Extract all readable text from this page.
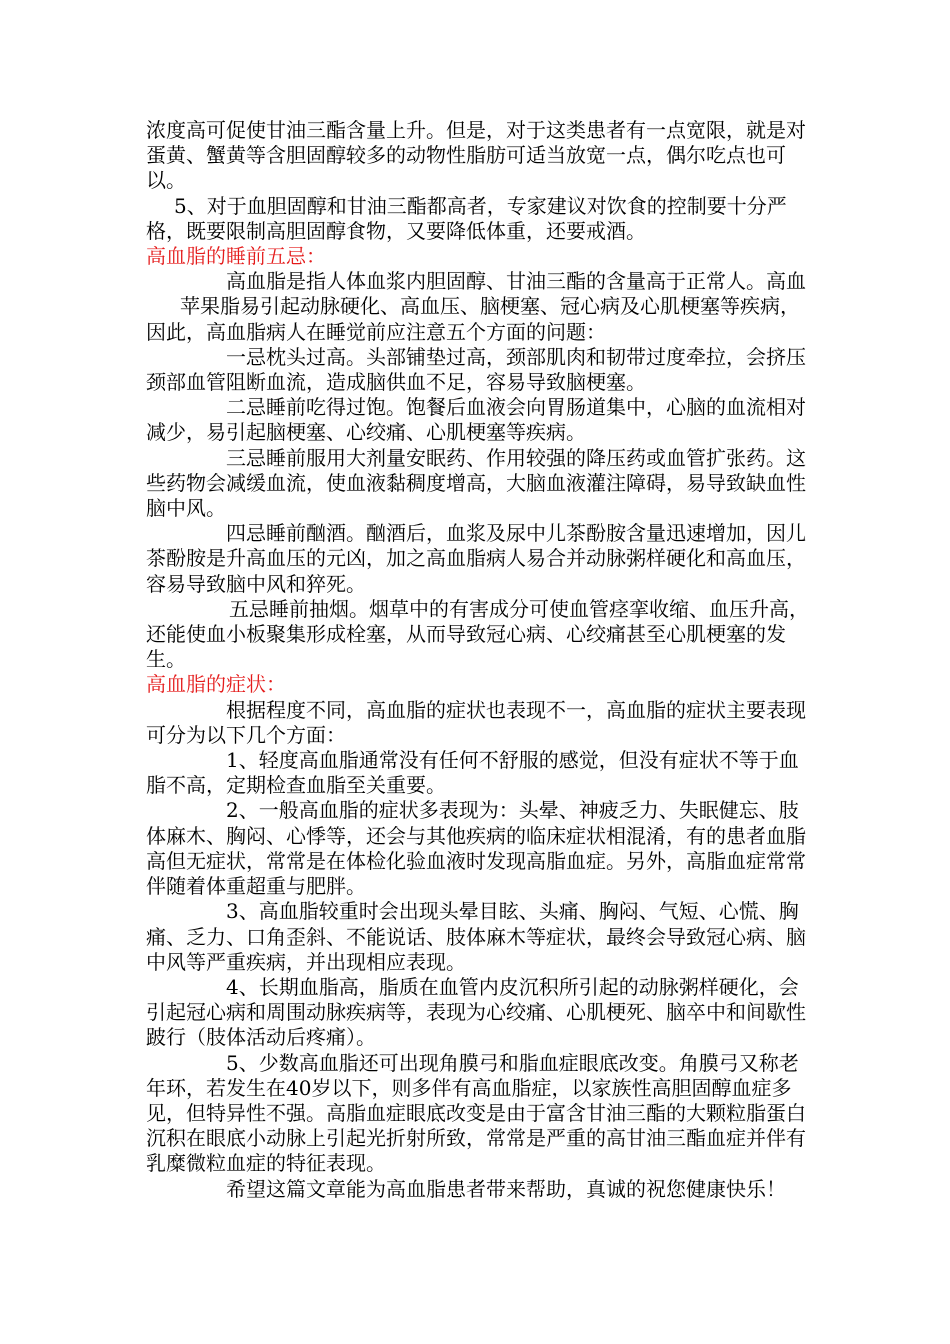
浓度高可促使甘油三酯含量上升。但是，对于这类患者有一点宽限，就是对蛋黄、蟹黄等含胆固醇较多的动物性脂肪可适当放宽一点，偶尔吃点也可以。

5、对于血胆固醇和甘油三酯都高者，专家建议对饮食的控制要十分严格，既要限制高胆固醇食物，又要降低体重，还要戒酒。

高血脂的睡前五忌：

高血脂是指人体血浆内胆固醇、甘油三酯的含量高于正常人。高血苹果脂易引起动脉硬化、高血压、脑梗塞、冠心病及心肌梗塞等疾病，因此，高血脂病人在睡觉前应注意五个方面的问题：

一忌枕头过高。头部铺垫过高，颈部肌肉和韧带过度牵拉，会挤压颈部血管阻断血流，造成脑供血不足，容易导致脑梗塞。

二忌睡前吃得过饱。饱餐后血液会向胃肠道集中，心脑的血流相对减少，易引起脑梗塞、心绞痛、心肌梗塞等疾病。

三忌睡前服用大剂量安眠药、作用较强的降压药或血管扩张药。这些药物会减缓血流，使血液黏稠度增高，大脑血液灌注障碍，易导致缺血性脑中风。

四忌睡前酗酒。酗酒后，血浆及尿中儿茶酚胺含量迅速增加，因儿茶酚胺是升高血压的元凶，加之高血脂病人易合并动脉粥样硬化和高血压，容易导致脑中风和猝死。

五忌睡前抽烟。烟草中的有害成分可使血管痉挛收缩、血压升高，还能使血小板聚集形成栓塞，从而导致冠心病、心绞痛甚至心肌梗塞的发生。

高血脂的症状：

根据程度不同，高血脂的症状也表现不一，高血脂的症状主要表现可分为以下几个方面：

1、轻度高血脂通常没有任何不舒服的感觉，但没有症状不等于血脂不高，定期检查血脂至关重要。

2、一般高血脂的症状多表现为：头晕、神疲乏力、失眠健忘、肢体麻木、胸闷、心悸等，还会与其他疾病的临床症状相混淆，有的患者血脂高但无症状，常常是在体检化验血液时发现高脂血症。另外，高脂血症常常伴随着体重超重与肥胖。

3、高血脂较重时会出现头晕目眩、头痛、胸闷、气短、心慌、胸痛、乏力、口角歪斜、不能说话、肢体麻木等症状，最终会导致冠心病、脑中风等严重疾病，并出现相应表现。

4、长期血脂高，脂质在血管内皮沉积所引起的动脉粥样硬化，会引起冠心病和周围动脉疾病等，表现为心绞痛、心肌梗死、脑卒中和间歇性跛行（肢体活动后疼痛）。

5、少数高血脂还可出现角膜弓和脂血症眼底改变。角膜弓又称老年环，若发生在40岁以下，则多伴有高血脂症，以家族性高胆固醇血症多见，但特异性不强。高脂血症眼底改变是由于富含甘油三酯的大颗粒脂蛋白沉积在眼底小动脉上引起光折射所致，常常是严重的高甘油三酯血症并伴有乳糜微粒血症的特征表现。

希望这篇文章能为高血脂患者带来帮助，真诚的祝您健康快乐！
